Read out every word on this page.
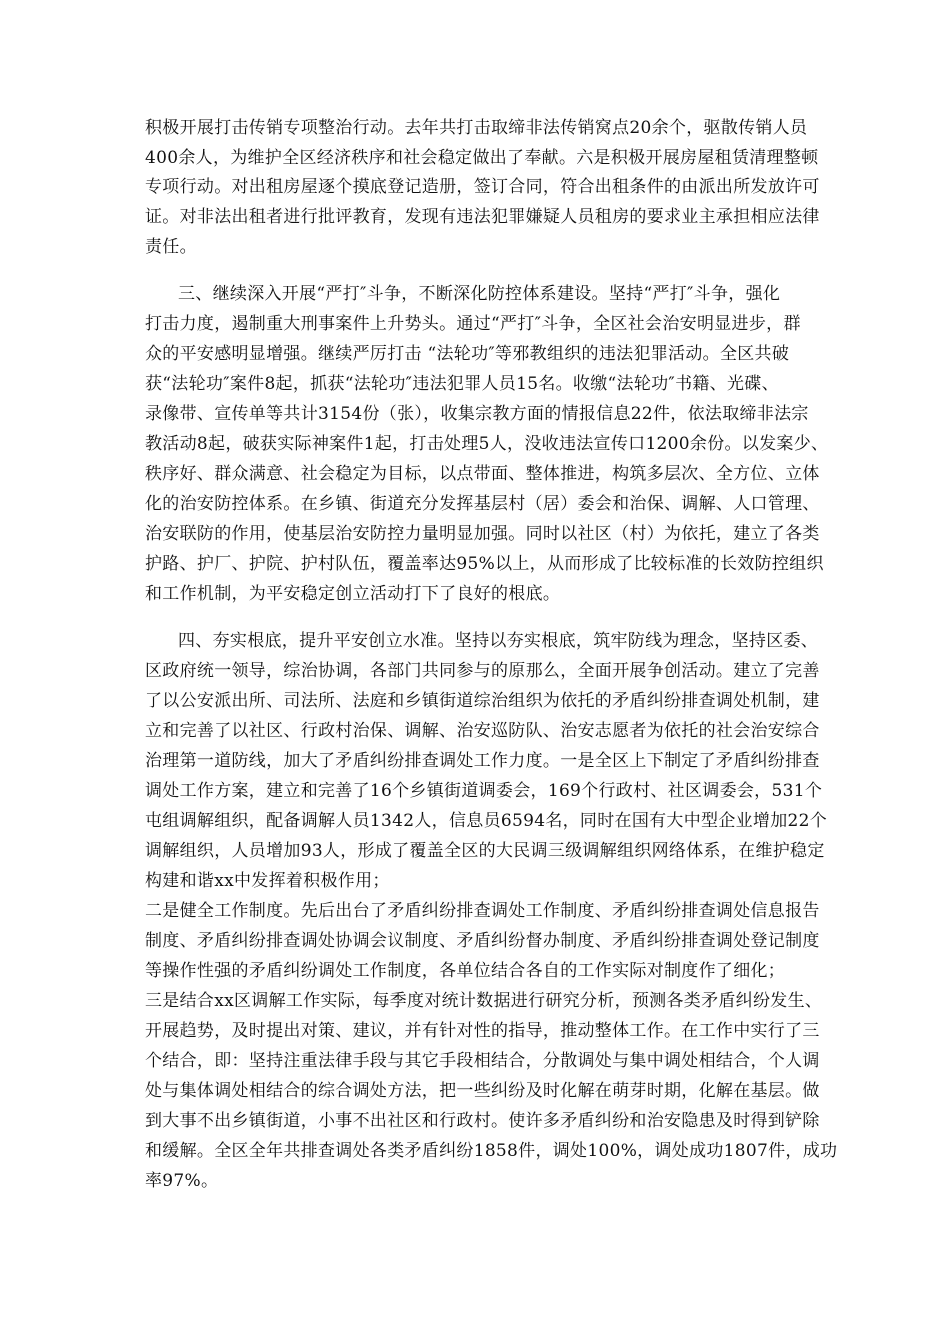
积极开展打击传销专项整治行动。去年共打击取缔非法传销窝点20余个，驱散传销人员
400余人，为维护全区经济秩序和社会稳定做出了奉献。六是积极开展房屋租赁清理整顿
专项行动。对出租房屋逐个摸底登记造册，签订合同，符合出租条件的由派出所发放许可
证。对非法出租者进行批评教育，发现有违法犯罪嫌疑人员租房的要求业主承担相应法律
责任。
三、继续深入开展“严打″斗争，不断深化防控体系建设。坚持“严打″斗争，强化
打击力度，遏制重大刑事案件上升势头。通过“严打″斗争，全区社会治安明显进步，群
众的平安感明显增强。继续严厉打击 “法轮功″等邪教组织的违法犯罪活动。全区共破
获“法轮功″案件8起，抓获“法轮功″违法犯罪人员15名。收缴“法轮功″书籍、光碟、
录像带、宣传单等共计3154份（张），收集宗教方面的情报信息22件，依法取缔非法宗
教活动8起，破获实际神案件1起，打击处理5人，没收违法宣传口1200余份。以发案少、
秩序好、群众满意、社会稳定为目标，以点带面、整体推进，构筑多层次、全方位、立体
化的治安防控体系。在乡镇、街道充分发挥基层村（居）委会和治保、调解、人口管理、
治安联防的作用，使基层治安防控力量明显加强。同时以社区（村）为依托，建立了各类
护路、护厂、护院、护村队伍，覆盖率达95%以上，从而形成了比较标准的长效防控组织
和工作机制，为平安稳定创立活动打下了良好的根底。
四、夯实根底，提升平安创立水准。坚持以夯实根底，筑牢防线为理念，坚持区委、
区政府统一领导，综治协调，各部门共同参与的原那么，全面开展争创活动。建立了完善
了以公安派出所、司法所、法庭和乡镇街道综治组织为依托的矛盾纠纷排查调处机制，建
立和完善了以社区、行政村治保、调解、治安巡防队、治安志愿者为依托的社会治安综合
治理第一道防线，加大了矛盾纠纷排查调处工作力度。一是全区上下制定了矛盾纠纷排查
调处工作方案，建立和完善了16个乡镇街道调委会，169个行政村、社区调委会，531个
屯组调解组织，配备调解人员1342人，信息员6594名，同时在国有大中型企业增加22个
调解组织，人员增加93人，形成了覆盖全区的大民调三级调解组织网络体系，在维护稳定
构建和谐xx中发挥着积极作用；
二是健全工作制度。先后出台了矛盾纠纷排查调处工作制度、矛盾纠纷排查调处信息报告
制度、矛盾纠纷排查调处协调会议制度、矛盾纠纷督办制度、矛盾纠纷排查调处登记制度
等操作性强的矛盾纠纷调处工作制度，各单位结合各自的工作实际对制度作了细化；
三是结合xx区调解工作实际，每季度对统计数据进行研究分析，预测各类矛盾纠纷发生、
开展趋势，及时提出对策、建议，并有针对性的指导，推动整体工作。在工作中实行了三
个结合，即：坚持注重法律手段与其它手段相结合，分散调处与集中调处相结合，个人调
处与集体调处相结合的综合调处方法，把一些纠纷及时化解在萌芽时期，化解在基层。做
到大事不出乡镇街道，小事不出社区和行政村。使许多矛盾纠纷和治安隐患及时得到铲除
和缓解。全区全年共排查调处各类矛盾纠纷1858件，调处100%，调处成功1807件，成功
率97%。
